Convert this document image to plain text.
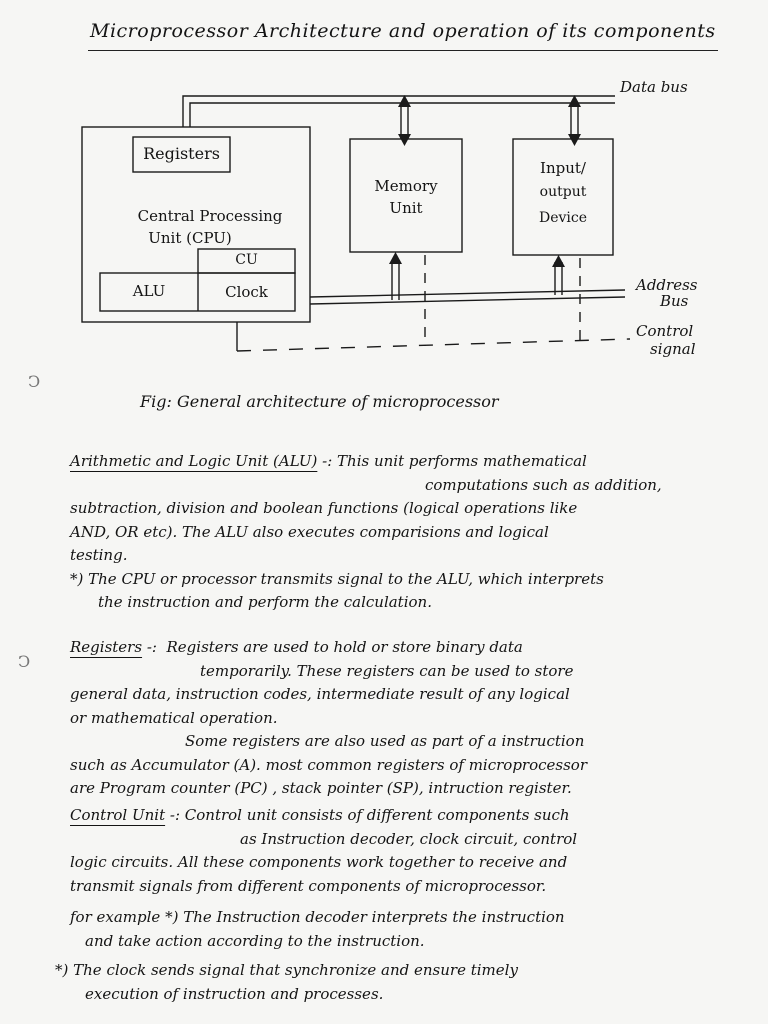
Microprocessor Architecture and operation of its components
Registers
Central Processing
Unit (CPU)
CU
ALU	Clock
Memory
Unit
Input/
output
Device
Data bus
Address
Bus
Control
signal
Fig: General architecture of microprocessor
Arithmetic and Logic Unit (ALU) -: This unit performs mathematical
computations such as addition,
subtraction, division and boolean functions (logical operations like
AND, OR etc). The ALU also executes comparisions and logical
testing.
*) The CPU or processor transmits signal to the ALU, which interprets
the instruction and perform the calculation.
Registers -: Registers are used to hold or store binary data
temporarily. These registers can be used to store
general data, instruction codes, intermediate result of any logical
or mathematical operation.
Some registers are also used as part of a instruction
such as Accumulator (A). most common registers of microprocessor
are Program counter (PC) , stack pointer (SP), intruction register.
Control Unit -: Control unit consists of different components such
as Instruction decoder, clock circuit, control
logic circuits. All these components work together to receive and
transmit signals from different components of microprocessor.
for example *) The Instruction decoder interprets the instruction
and take action according to the instruction.
*) The clock sends signal that synchronize and ensure timely
execution of instruction and processes.
Ↄ
Ↄ
